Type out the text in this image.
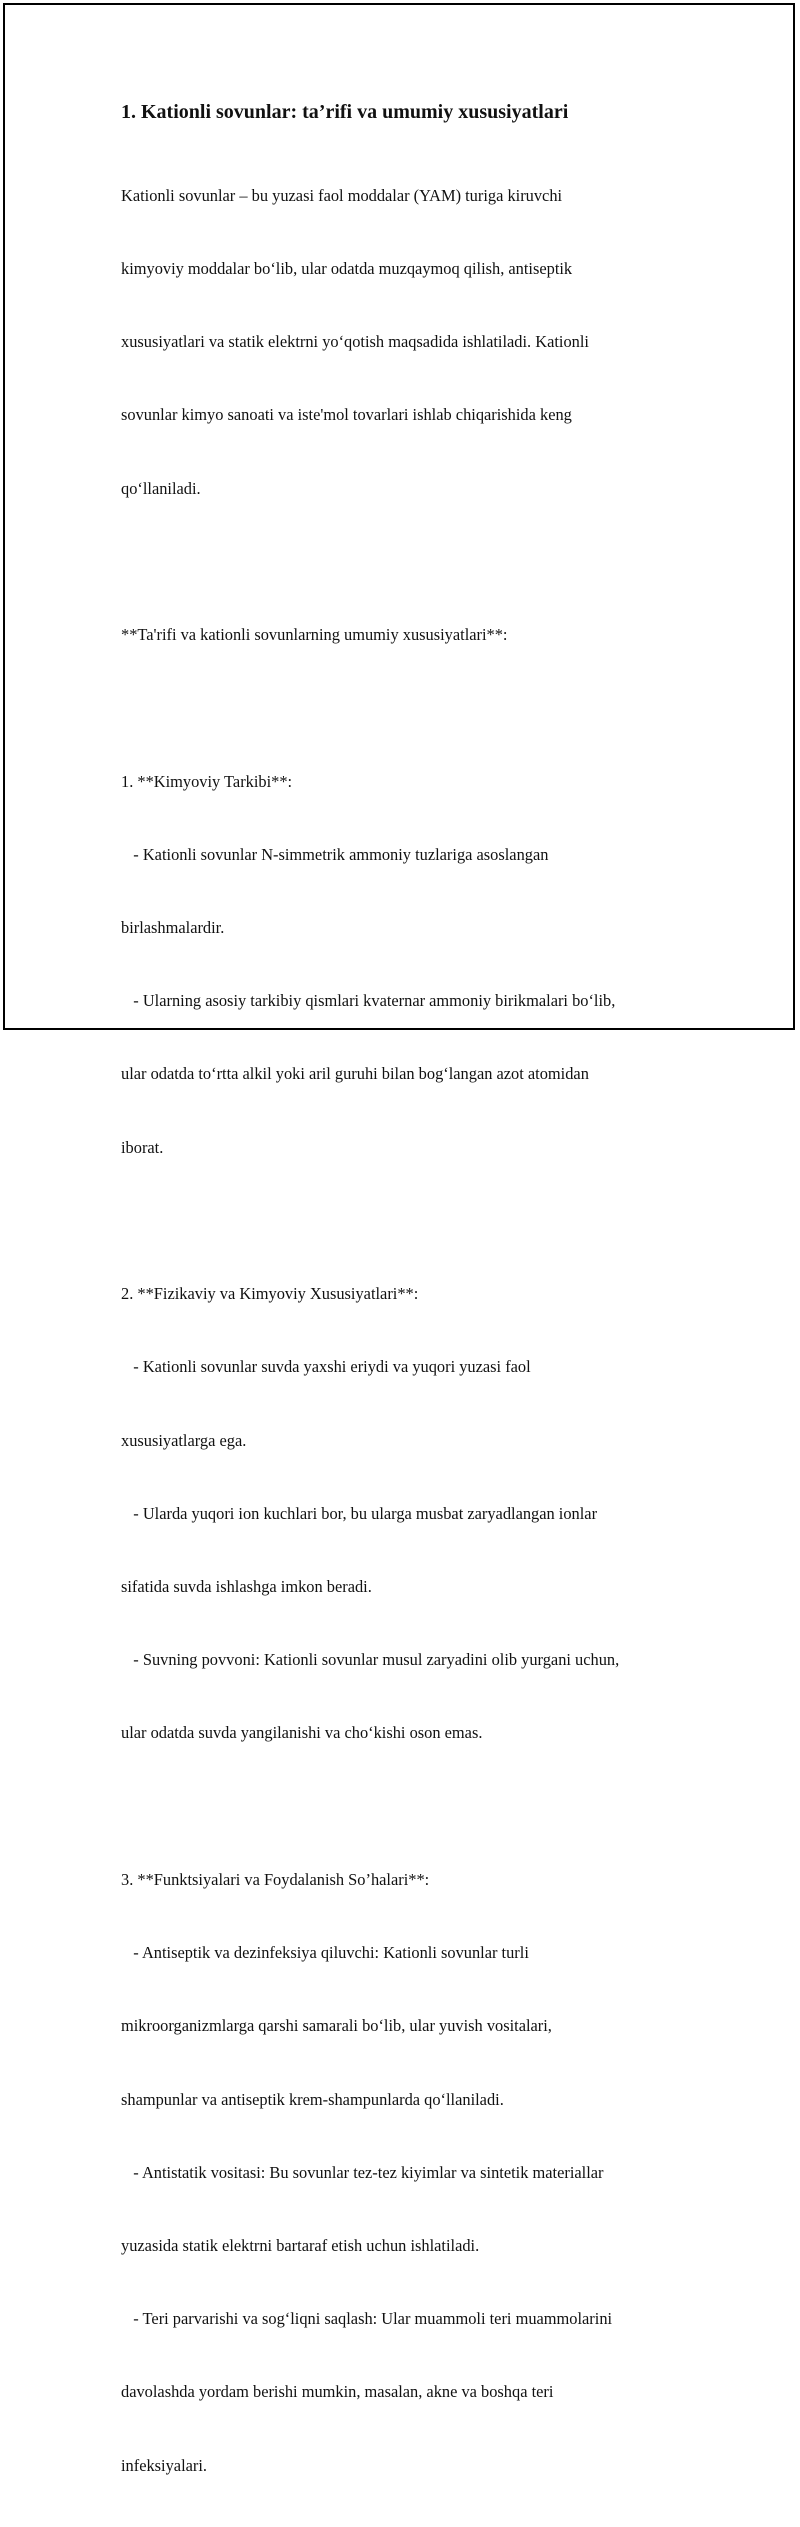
1. Kationli sovunlar: ta’rifi va umumiy xususiyatlari

Kationli sovunlar – bu yuzasi faol moddalar (YAM) turiga kiruvchi

kimyoviy moddalar bo‘lib, ular odatda muzqaymoq qilish, antiseptik

xususiyatlari va statik elektrni yo‘qotish maqsadida ishlatiladi. Kationli

sovunlar kimyo sanoati va iste'mol tovarlari ishlab chiqarishida keng

qo‘llaniladi.

**Ta'rifi va kationli sovunlarning umumiy xususiyatlari**:

1. **Kimyoviy Tarkibi**:

- Kationli sovunlar N-simmetrik ammoniy tuzlariga asoslangan

birlashmalardir.

- Ularning asosiy tarkibiy qismlari kvaternar ammoniy birikmalari bo‘lib,

ular odatda to‘rtta alkil yoki aril guruhi bilan bog‘langan azot atomidan

iborat.

2. **Fizikaviy va Kimyoviy Xususiyatlari**:

- Kationli sovunlar suvda yaxshi eriydi va yuqori yuzasi faol

xususiyatlarga ega.

- Ularda yuqori ion kuchlari bor, bu ularga musbat zaryadlangan ionlar

sifatida suvda ishlashga imkon beradi.

- Suvning povvoni: Kationli sovunlar musul zaryadini olib yurgani uchun,

ular odatda suvda yangilanishi va cho‘kishi oson emas.

3. **Funktsiyalari va Foydalanish So’halari**:

- Antiseptik va dezinfeksiya qiluvchi: Kationli sovunlar turli

mikroorganizmlarga qarshi samarali bo‘lib, ular yuvish vositalari,

shampunlar va antiseptik krem-shampunlarda qo‘llaniladi.

- Antistatik vositasi: Bu sovunlar tez-tez kiyimlar va sintetik materiallar

yuzasida statik elektrni bartaraf etish uchun ishlatiladi.

- Teri parvarishi va sog‘liqni saqlash: Ular muammoli teri muammolarini

davolashda yordam berishi mumkin, masalan, akne va boshqa teri

infeksiyalari.
